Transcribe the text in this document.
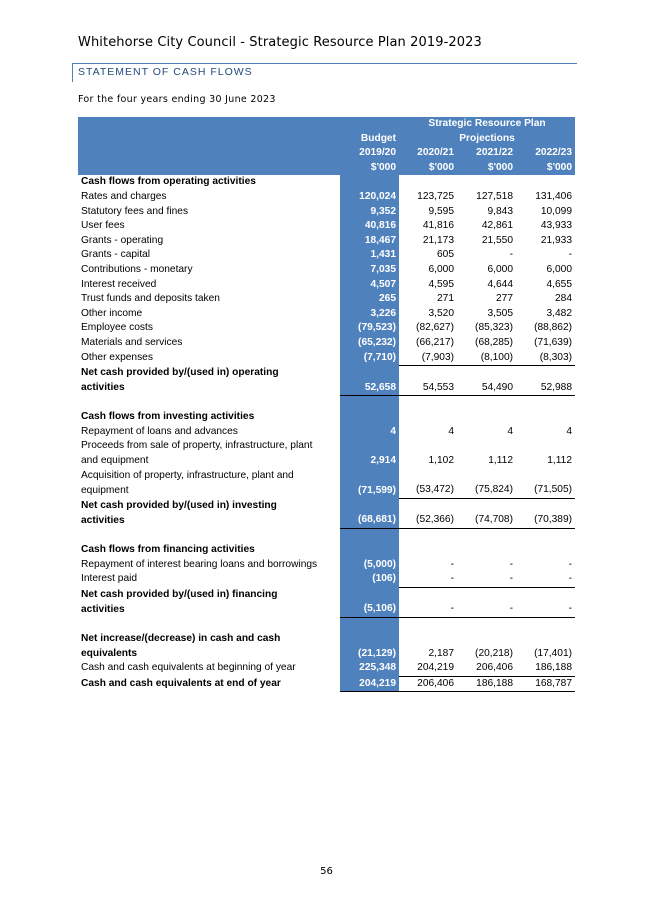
Whitehorse City Council - Strategic Resource Plan 2019-2023
STATEMENT OF CASH FLOWS
For the four years ending 30 June 2023
		Strategic Resource Plan		
	Budget	Projections		
	2019/20	2020/21	2021/22	2022/23
	$'000	$'000	$'000	$'000
Cash flows from operating activities				
Rates and charges	120,024	123,725	127,518	131,406
Statutory fees and fines	9,352	9,595	9,843	10,099
User fees	40,816	41,816	42,861	43,933
Grants - operating	18,467	21,173	21,550	21,933
Grants - capital	1,431	605	-	-
Contributions - monetary	7,035	6,000	6,000	6,000
Interest received	4,507	4,595	4,644	4,655
Trust funds and deposits taken	265	271	277	284
Other income	3,226	3,520	3,505	3,482
Employee costs	(79,523)	(82,627)	(85,323)	(88,862)
Materials and services	(65,232)	(66,217)	(68,285)	(71,639)
Other expenses	(7,710)	(7,903)	(8,100)	(8,303)
Net cash provided by/(used in) operating				
activities	52,658	54,553	54,490	52,988

Cash flows from investing activities				
Repayment of loans and advances	4	4	4	4
Proceeds from sale of property, infrastructure, plant				
and equipment	2,914	1,102	1,112	1,112
Acquisition of property, infrastructure, plant and				
equipment	(71,599)	(53,472)	(75,824)	(71,505)
Net cash provided by/(used in) investing				
activities	(68,681)	(52,366)	(74,708)	(70,389)

Cash flows from financing activities				
Repayment of interest bearing loans and borrowings	(5,000)	-	-	-
Interest paid	(106)	-	-	-
Net cash provided by/(used in) financing				
activities	(5,106)	-	-	-

Net increase/(decrease) in cash and cash				
equivalents	(21,129)	2,187	(20,218)	(17,401)
Cash and cash equivalents at beginning of year	225,348	204,219	206,406	186,188
Cash and cash equivalents at end of year	204,219	206,406	186,188	168,787
56
